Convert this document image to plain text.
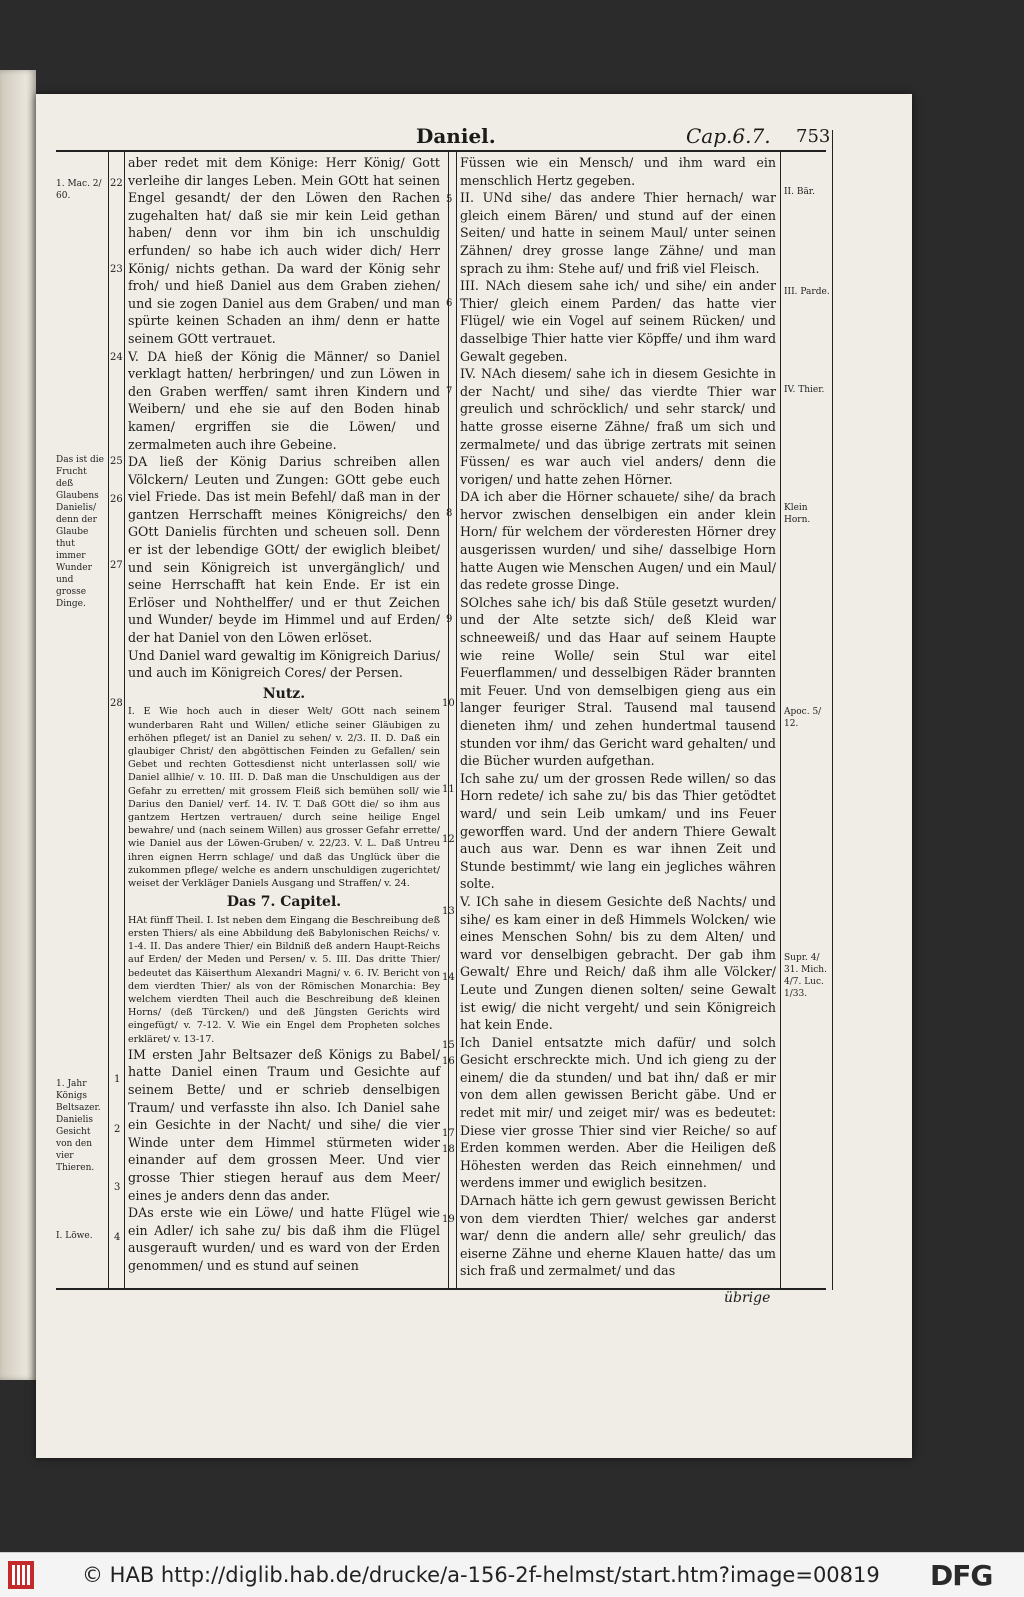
Daniel.	Cap.6.7. 753

aber redet mit dem Könige: Herr König/ Gott verleihe dir langes Leben. Mein GOtt hat seinen Engel gesandt/ der den Löwen den Rachen zugehalten hat/ daß sie mir kein Leid gethan haben/ denn vor ihm bin ich unschuldig erfunden/ so habe ich auch wider dich/ Herr König/ nichts gethan. Da ward der König sehr froh/ und hieß Daniel aus dem Graben ziehen/ und sie zogen Daniel aus dem Graben/ und man spürte keinen Schaden an ihm/ denn er hatte seinem GOtt vertrauet.

V. DA hieß der König die Männer/ so Daniel verklagt hatten/ herbringen/ und zun Löwen in den Graben werffen/ samt ihren Kindern und Weibern/ und ehe sie auf den Boden hinab kamen/ ergriffen sie die Löwen/ und zermalmeten auch ihre Gebeine.

DA ließ der König Darius schreiben allen Völckern/ Leuten und Zungen: GOtt gebe euch viel Friede. Das ist mein Befehl/ daß man in der gantzen Herrschafft meines Königreichs/ den GOtt Danielis fürchten und scheuen soll. Denn er ist der lebendige GOtt/ der ewiglich bleibet/ und sein Königreich ist unvergänglich/ und seine Herrschafft hat kein Ende. Er ist ein Erlöser und Nohthelffer/ und er thut Zeichen und Wunder/ beyde im Himmel und auf Erden/ der hat Daniel von den Löwen erlöset.

Und Daniel ward gewaltig im Königreich Darius/ und auch im Königreich Cores/ der Persen.

Nutz.

I. E Wie hoch auch in dieser Welt/ GOtt nach seinem wunderbaren Raht und Willen/ etliche seiner Gläubigen zu erhöhen pfleget/ ist an Daniel zu sehen/ v. 2/3. II. D. Daß ein glaubiger Christ/ den abgöttischen Feinden zu Gefallen/ sein Gebet und rechten Gottesdienst nicht unterlassen soll/ wie Daniel allhie/ v. 10. III. D. Daß man die Unschuldigen aus der Gefahr zu erretten/ mit grossem Fleiß sich bemühen soll/ wie Darius den Daniel/ verf. 14. IV. T. Daß GOtt die/ so ihm aus gantzem Hertzen vertrauen/ durch seine heilige Engel bewahre/ und (nach seinem Willen) aus grosser Gefahr errette/ wie Daniel aus der Löwen-Gruben/ v. 22/23. V. L. Daß Untreu ihren eignen Herrn schlage/ und daß das Unglück über die zukommen pflege/ welche es andern unschuldigen zugerichtet/ weiset der Verkläger Daniels Ausgang und Straffen/ v. 24.

Das 7. Capitel.

HAt fünff Theil. I. Ist neben dem Eingang die Beschreibung deß ersten Thiers/ als eine Abbildung deß Babylonischen Reichs/ v. 1-4. II. Das andere Thier/ ein Bildniß deß andern Haupt-Reichs auf Erden/ der Meden und Persen/ v. 5. III. Das dritte Thier/ bedeutet das Käiserthum Alexandri Magni/ v. 6. IV. Bericht von dem vierdten Thier/ als von der Römischen Monarchia: Bey welchem vierdten Theil auch die Beschreibung deß kleinen Horns/ (deß Türcken/) und deß Jüngsten Gerichts wird eingefügt/ v. 7-12. V. Wie ein Engel dem Propheten solches erkläret/ v. 13-17.

IM ersten Jahr Beltsazer deß Königs zu Babel/ hatte Daniel einen Traum und Gesichte auf seinem Bette/ und er schrieb denselbigen Traum/ und verfasste ihn also. Ich Daniel sahe ein Gesichte in der Nacht/ und sihe/ die vier Winde unter dem Himmel stürmeten wider einander auf dem grossen Meer. Und vier grosse Thier stiegen herauf aus dem Meer/ eines je anders denn das ander.

DAs erste wie ein Löwe/ und hatte Flügel wie ein Adler/ ich sahe zu/ bis daß ihm die Flügel ausgerauft wurden/ und es ward von der Erden genommen/ und es stund auf seinen

Füssen wie ein Mensch/ und ihm ward ein menschlich Hertz gegeben.

II. UNd sihe/ das andere Thier hernach/ war gleich einem Bären/ und stund auf der einen Seiten/ und hatte in seinem Maul/ unter seinen Zähnen/ drey grosse lange Zähne/ und man sprach zu ihm: Stehe auf/ und friß viel Fleisch.

III. NAch diesem sahe ich/ und sihe/ ein ander Thier/ gleich einem Parden/ das hatte vier Flügel/ wie ein Vogel auf seinem Rücken/ und dasselbige Thier hatte vier Köpffe/ und ihm ward Gewalt gegeben.

IV. NAch diesem/ sahe ich in diesem Gesichte in der Nacht/ und sihe/ das vierdte Thier war greulich und schröcklich/ und sehr starck/ und hatte grosse eiserne Zähne/ fraß um sich und zermalmete/ und das übrige zertrats mit seinen Füssen/ es war auch viel anders/ denn die vorigen/ und hatte zehen Hörner.

DA ich aber die Hörner schauete/ sihe/ da brach hervor zwischen denselbigen ein ander klein Horn/ für welchem der vörderesten Hörner drey ausgerissen wurden/ und sihe/ dasselbige Horn hatte Augen wie Menschen Augen/ und ein Maul/ das redete grosse Dinge.

SOlches sahe ich/ bis daß Stüle gesetzt wurden/ und der Alte setzte sich/ deß Kleid war schneeweiß/ und das Haar auf seinem Haupte wie reine Wolle/ sein Stul war eitel Feuerflammen/ und desselbigen Räder brannten mit Feuer. Und von demselbigen gieng aus ein langer feuriger Stral. Tausend mal tausend dieneten ihm/ und zehen hundertmal tausend stunden vor ihm/ das Gericht ward gehalten/ und die Bücher wurden aufgethan.

Ich sahe zu/ um der grossen Rede willen/ so das Horn redete/ ich sahe zu/ bis das Thier getödtet ward/ und sein Leib umkam/ und ins Feuer geworffen ward. Und der andern Thiere Gewalt auch aus war. Denn es war ihnen Zeit und Stunde bestimmt/ wie lang ein jegliches währen solte.

V. ICh sahe in diesem Gesichte deß Nachts/ und sihe/ es kam einer in deß Himmels Wolcken/ wie eines Menschen Sohn/ bis zu dem Alten/ und ward vor denselbigen gebracht. Der gab ihm Gewalt/ Ehre und Reich/ daß ihm alle Völcker/ Leute und Zungen dienen solten/ seine Gewalt ist ewig/ die nicht vergeht/ und sein Königreich hat kein Ende.

Ich Daniel entsatzte mich dafür/ und solch Gesicht erschreckte mich. Und ich gieng zu der einem/ die da stunden/ und bat ihn/ daß er mir von dem allen gewissen Bericht gäbe. Und er redet mit mir/ und zeiget mir/ was es bedeutet: Diese vier grosse Thier sind vier Reiche/ so auf Erden kommen werden. Aber die Heiligen deß Höhesten werden das Reich einnehmen/ und werdens immer und ewiglich besitzen.

DArnach hätte ich gern gewust gewissen Bericht von dem vierdten Thier/ welches gar anderst war/ denn die andern alle/ sehr greulich/ das eiserne Zähne und eherne Klauen hatte/ das um sich fraß und zermalmet/ und das

22
23
24
25
26
27
28
1
2
3
4
5
6
7
8
9
10
11
12
13
14
15
16
17
18
19
1. Mac. 2/ 60.
Das ist die Frucht deß Glaubens Danielis/ denn der Glaube thut immer Wunder und grosse Dinge.
1. Jahr Königs Beltsazer. Danielis Gesicht von den vier Thieren.
I. Löwe.
II. Bär.
III. Parde.
IV. Thier.
Klein Horn.
Apoc. 5/ 12.
Supr. 4/ 31. Mich. 4/7. Luc. 1/33.
übrige
© HAB http://diglib.hab.de/drucke/a-156-2f-helmst/start.htm?image=00819 DFG
